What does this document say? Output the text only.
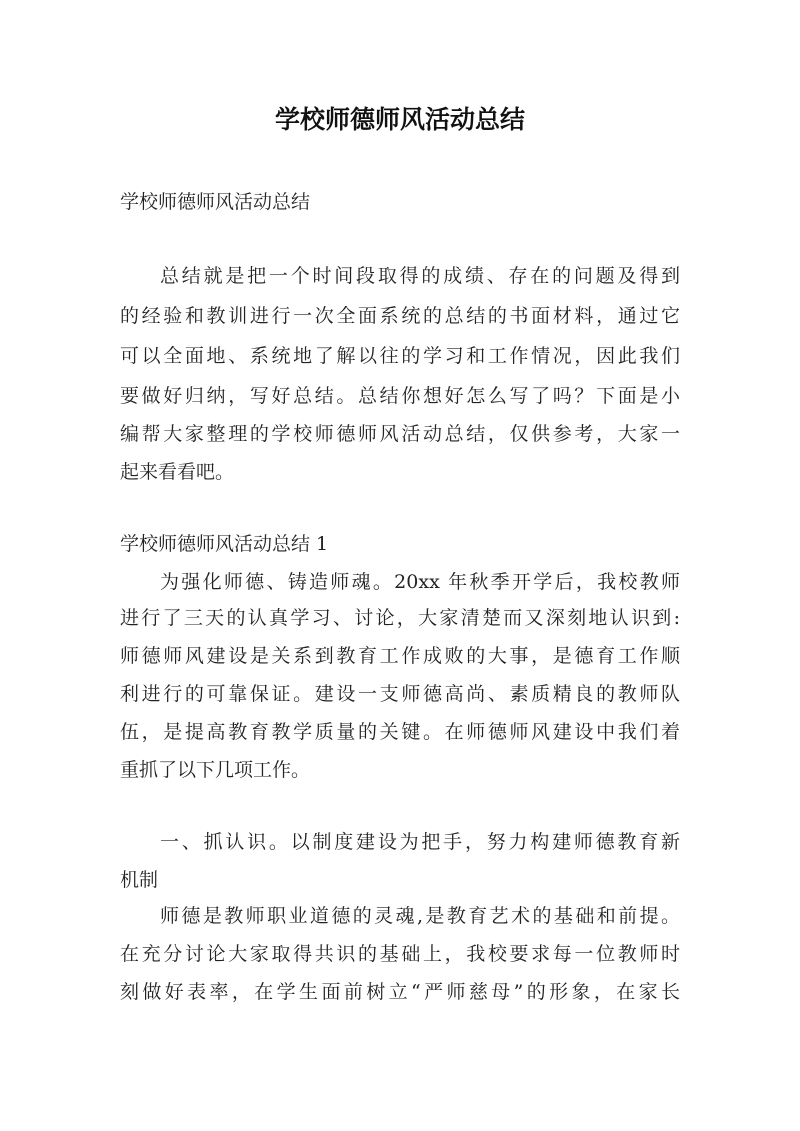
学校师德师风活动总结
学校师德师风活动总结
总结就是把一个时间段取得的成绩、存在的问题及得到
的经验和教训进行一次全面系统的总结的书面材料，通过它
可以全面地、系统地了解以往的学习和工作情况，因此我们
要做好归纳，写好总结。总结你想好怎么写了吗？下面是小
编帮大家整理的学校师德师风活动总结，仅供参考，大家一
起来看看吧。
学校师德师风活动总结 1
为强化师德、铸造师魂。20xx 年秋季开学后，我校教师
进行了三天的认真学习、讨论，大家清楚而又深刻地认识到:
师德师风建设是关系到教育工作成败的大事，是德育工作顺
利进行的可靠保证。建设一支师德高尚、素质精良的教师队
伍，是提高教育教学质量的关键。在师德师风建设中我们着
重抓了以下几项工作。
一、抓认识。以制度建设为把手，努力构建师德教育新
机制
师德是教师职业道德的灵魂,是教育艺术的基础和前提。
在充分讨论大家取得共识的基础上，我校要求每一位教师时
刻做好表率，在学生面前树立“严师慈母”的形象，在家长
